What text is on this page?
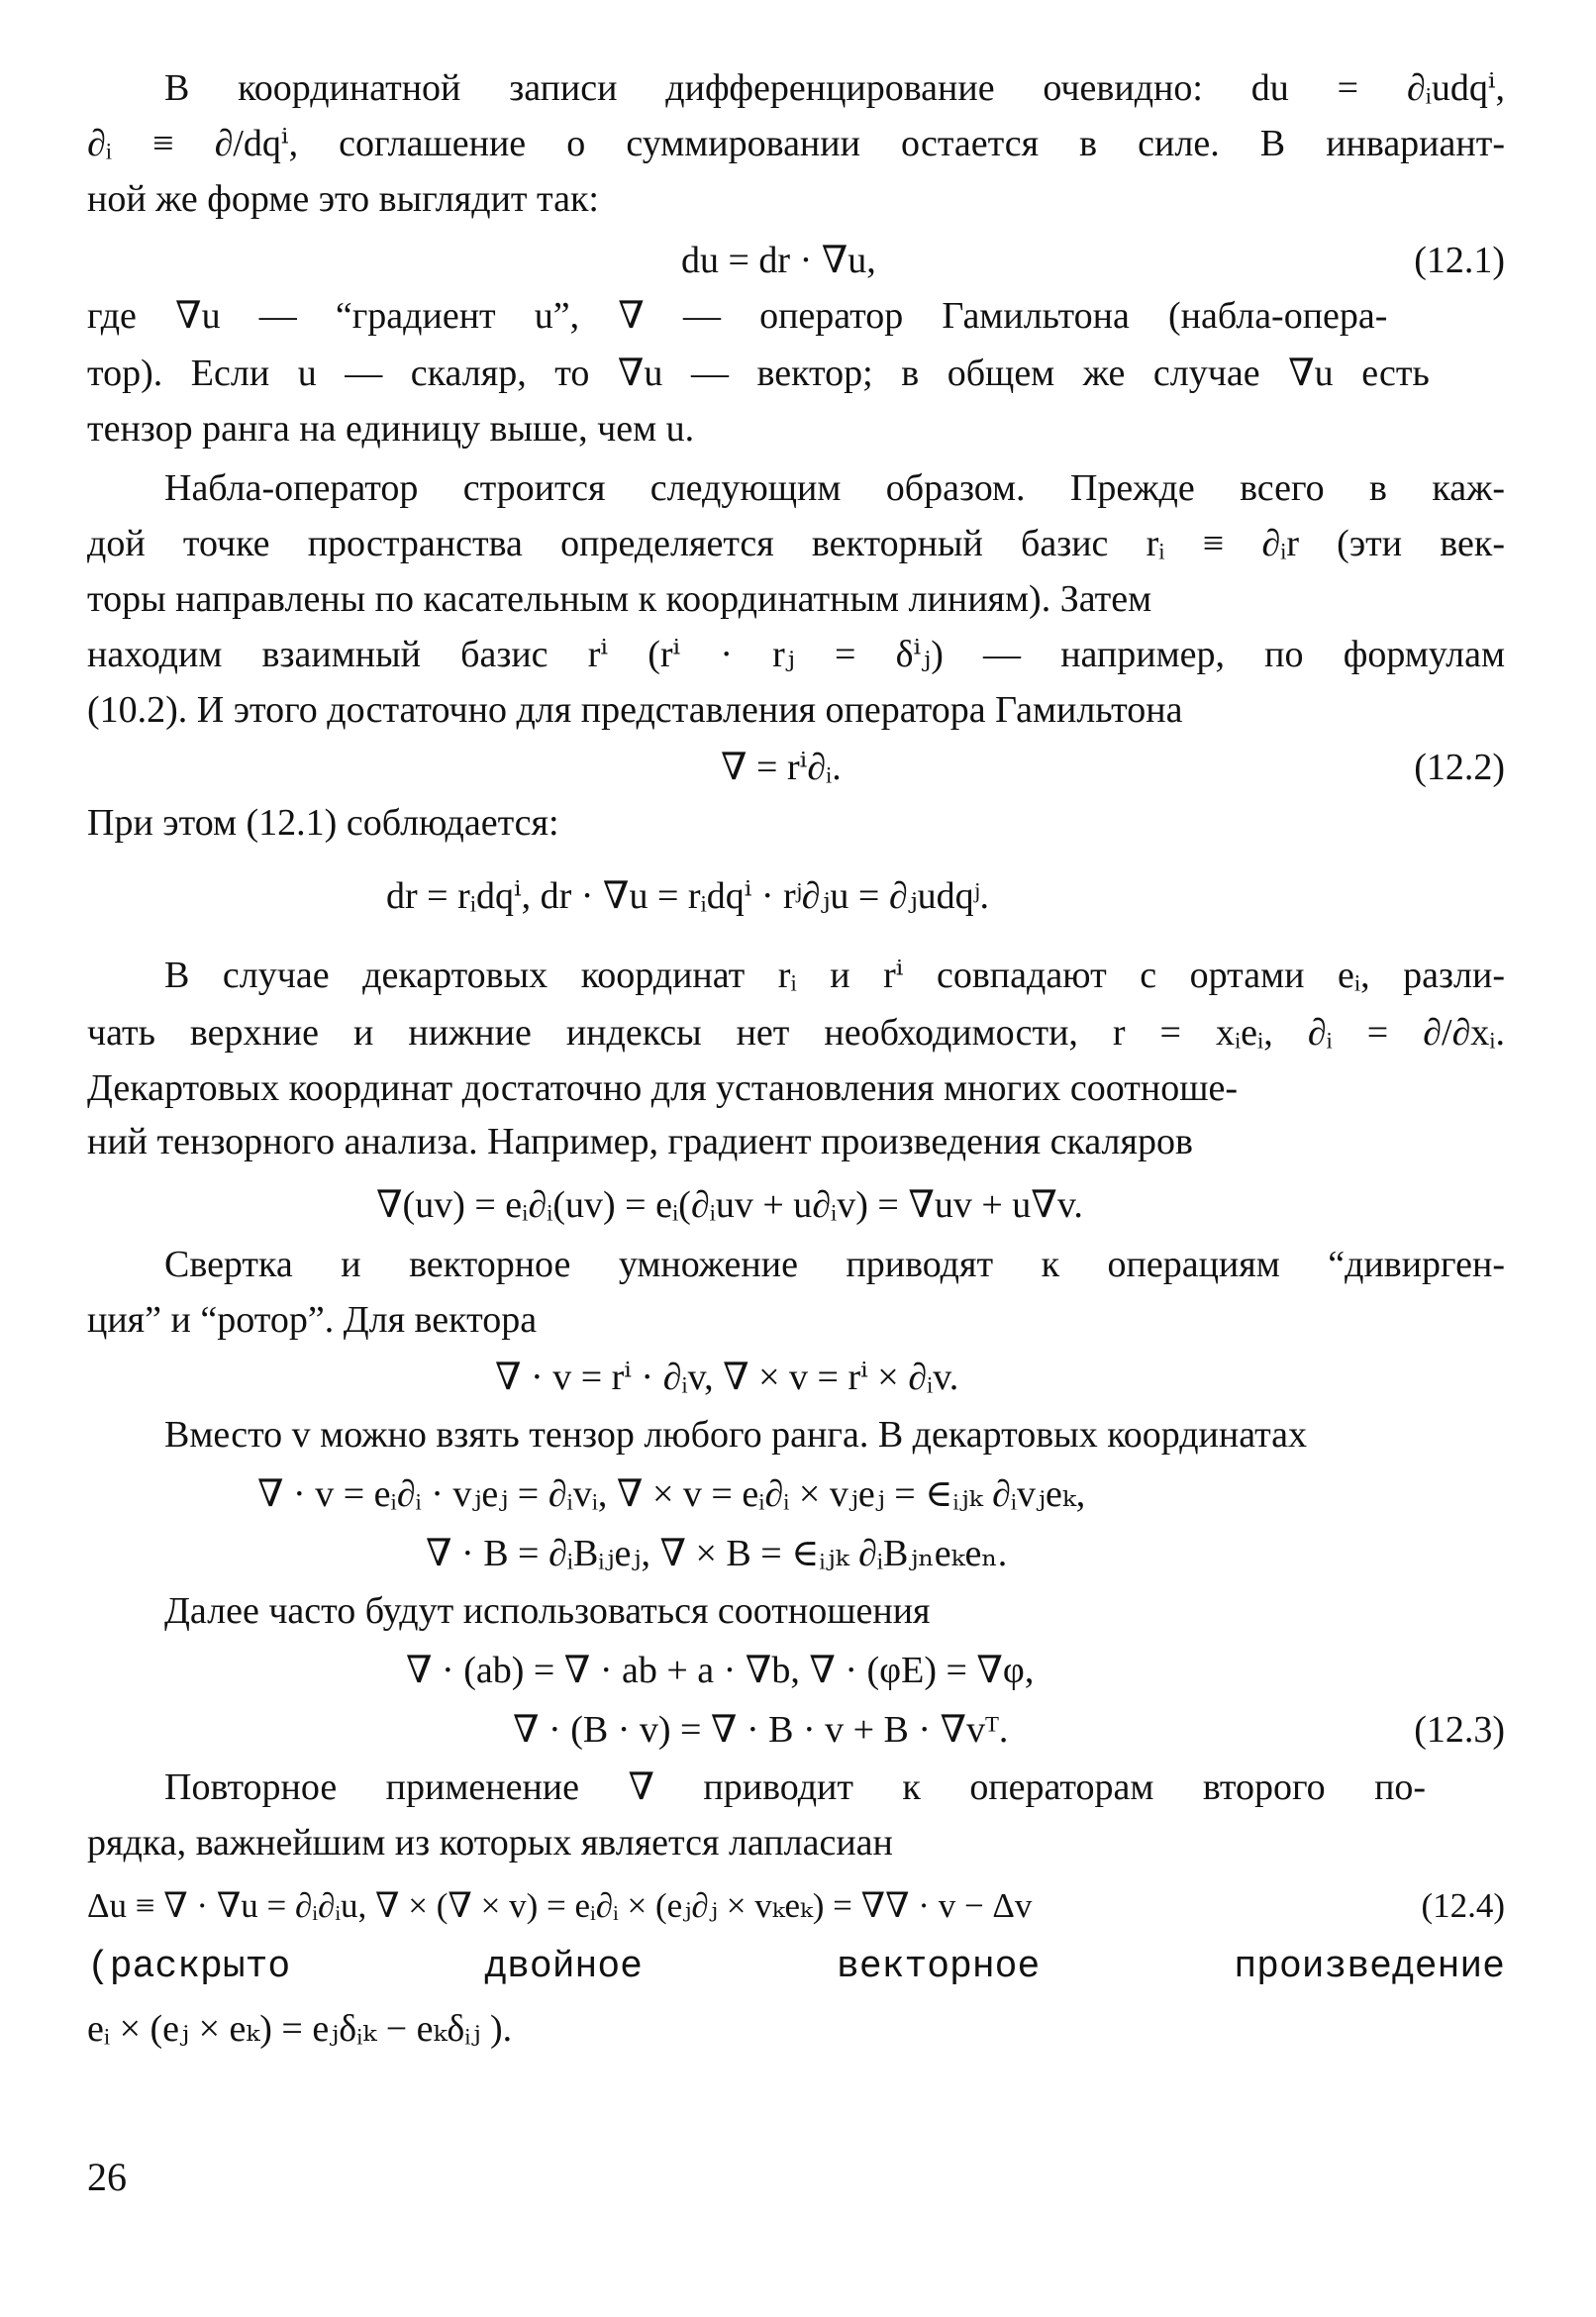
В координатной записи дифференцирование очевидно: du = ∂ᵢudqⁱ,
∂ᵢ ≡ ∂/dqⁱ, соглашение о суммировании остается в силе. В инвариант-
ной же форме это выглядит так:
du = dr · ∇u,	(12.1)
где ∇u — “градиент u”, ∇ — оператор Гамильтона (набла-опера-
тор). Если u — скаляр, то ∇u — вектор; в общем же случае ∇u есть
тензор ранга на единицу выше, чем u.
Набла-оператор строится следующим образом. Прежде всего в каж-
дой точке пространства определяется векторный базис rᵢ ≡ ∂ᵢr (эти век-
торы направлены по касательным к координатным линиям). Затем
находим взаимный базис rⁱ (rⁱ · rⱼ = δⁱⱼ) — например, по формулам
(10.2). И этого достаточно для представления оператора Гамильтона
∇ = rⁱ∂ᵢ.	(12.2)
При этом (12.1) соблюдается:
dr = rᵢdqⁱ, dr · ∇u = rᵢdqⁱ · rʲ∂ⱼu = ∂ⱼudqʲ.
В случае декартовых координат rᵢ и rⁱ совпадают с ортами eᵢ, разли-
чать верхние и нижние индексы нет необходимости, r = xᵢeᵢ, ∂ᵢ = ∂/∂xᵢ.
Декартовых координат достаточно для установления многих соотноше-
ний тензорного анализа. Например, градиент произведения скаляров
∇(uv) = eᵢ∂ᵢ(uv) = eᵢ(∂ᵢuv + u∂ᵢv) = ∇uv + u∇v.
Свертка и векторное умножение приводят к операциям “дивирген-
ция” и “ротор”. Для вектора
∇ · v = rⁱ · ∂ᵢv, ∇ × v = rⁱ × ∂ᵢv.
Вместо v можно взять тензор любого ранга. В декартовых координатах
∇ · v = eᵢ∂ᵢ · vⱼeⱼ = ∂ᵢvᵢ, ∇ × v = eᵢ∂ᵢ × vⱼeⱼ = ∈ᵢⱼₖ ∂ᵢvⱼeₖ,
∇ · B = ∂ᵢBᵢⱼeⱼ, ∇ × B = ∈ᵢⱼₖ ∂ᵢBⱼₙeₖeₙ.
Далее часто будут использоваться соотношения
∇ · (ab) = ∇ · ab + a · ∇b, ∇ · (φE) = ∇φ,
∇ · (B · v) = ∇ · B · v + B · ∇vᵀ.	(12.3)
Повторное применение ∇ приводит к операторам второго по-
рядка, важнейшим из которых является лапласиан
Δu ≡ ∇ · ∇u = ∂ᵢ∂ᵢu, ∇ × (∇ × v) = eᵢ∂ᵢ × (eⱼ∂ⱼ × vₖeₖ) = ∇∇ · v − Δv	(12.4)
(раскрыто	двойное	векторное	произведение
eᵢ × (eⱼ × eₖ) = eⱼδᵢₖ − eₖδᵢⱼ ).
26
